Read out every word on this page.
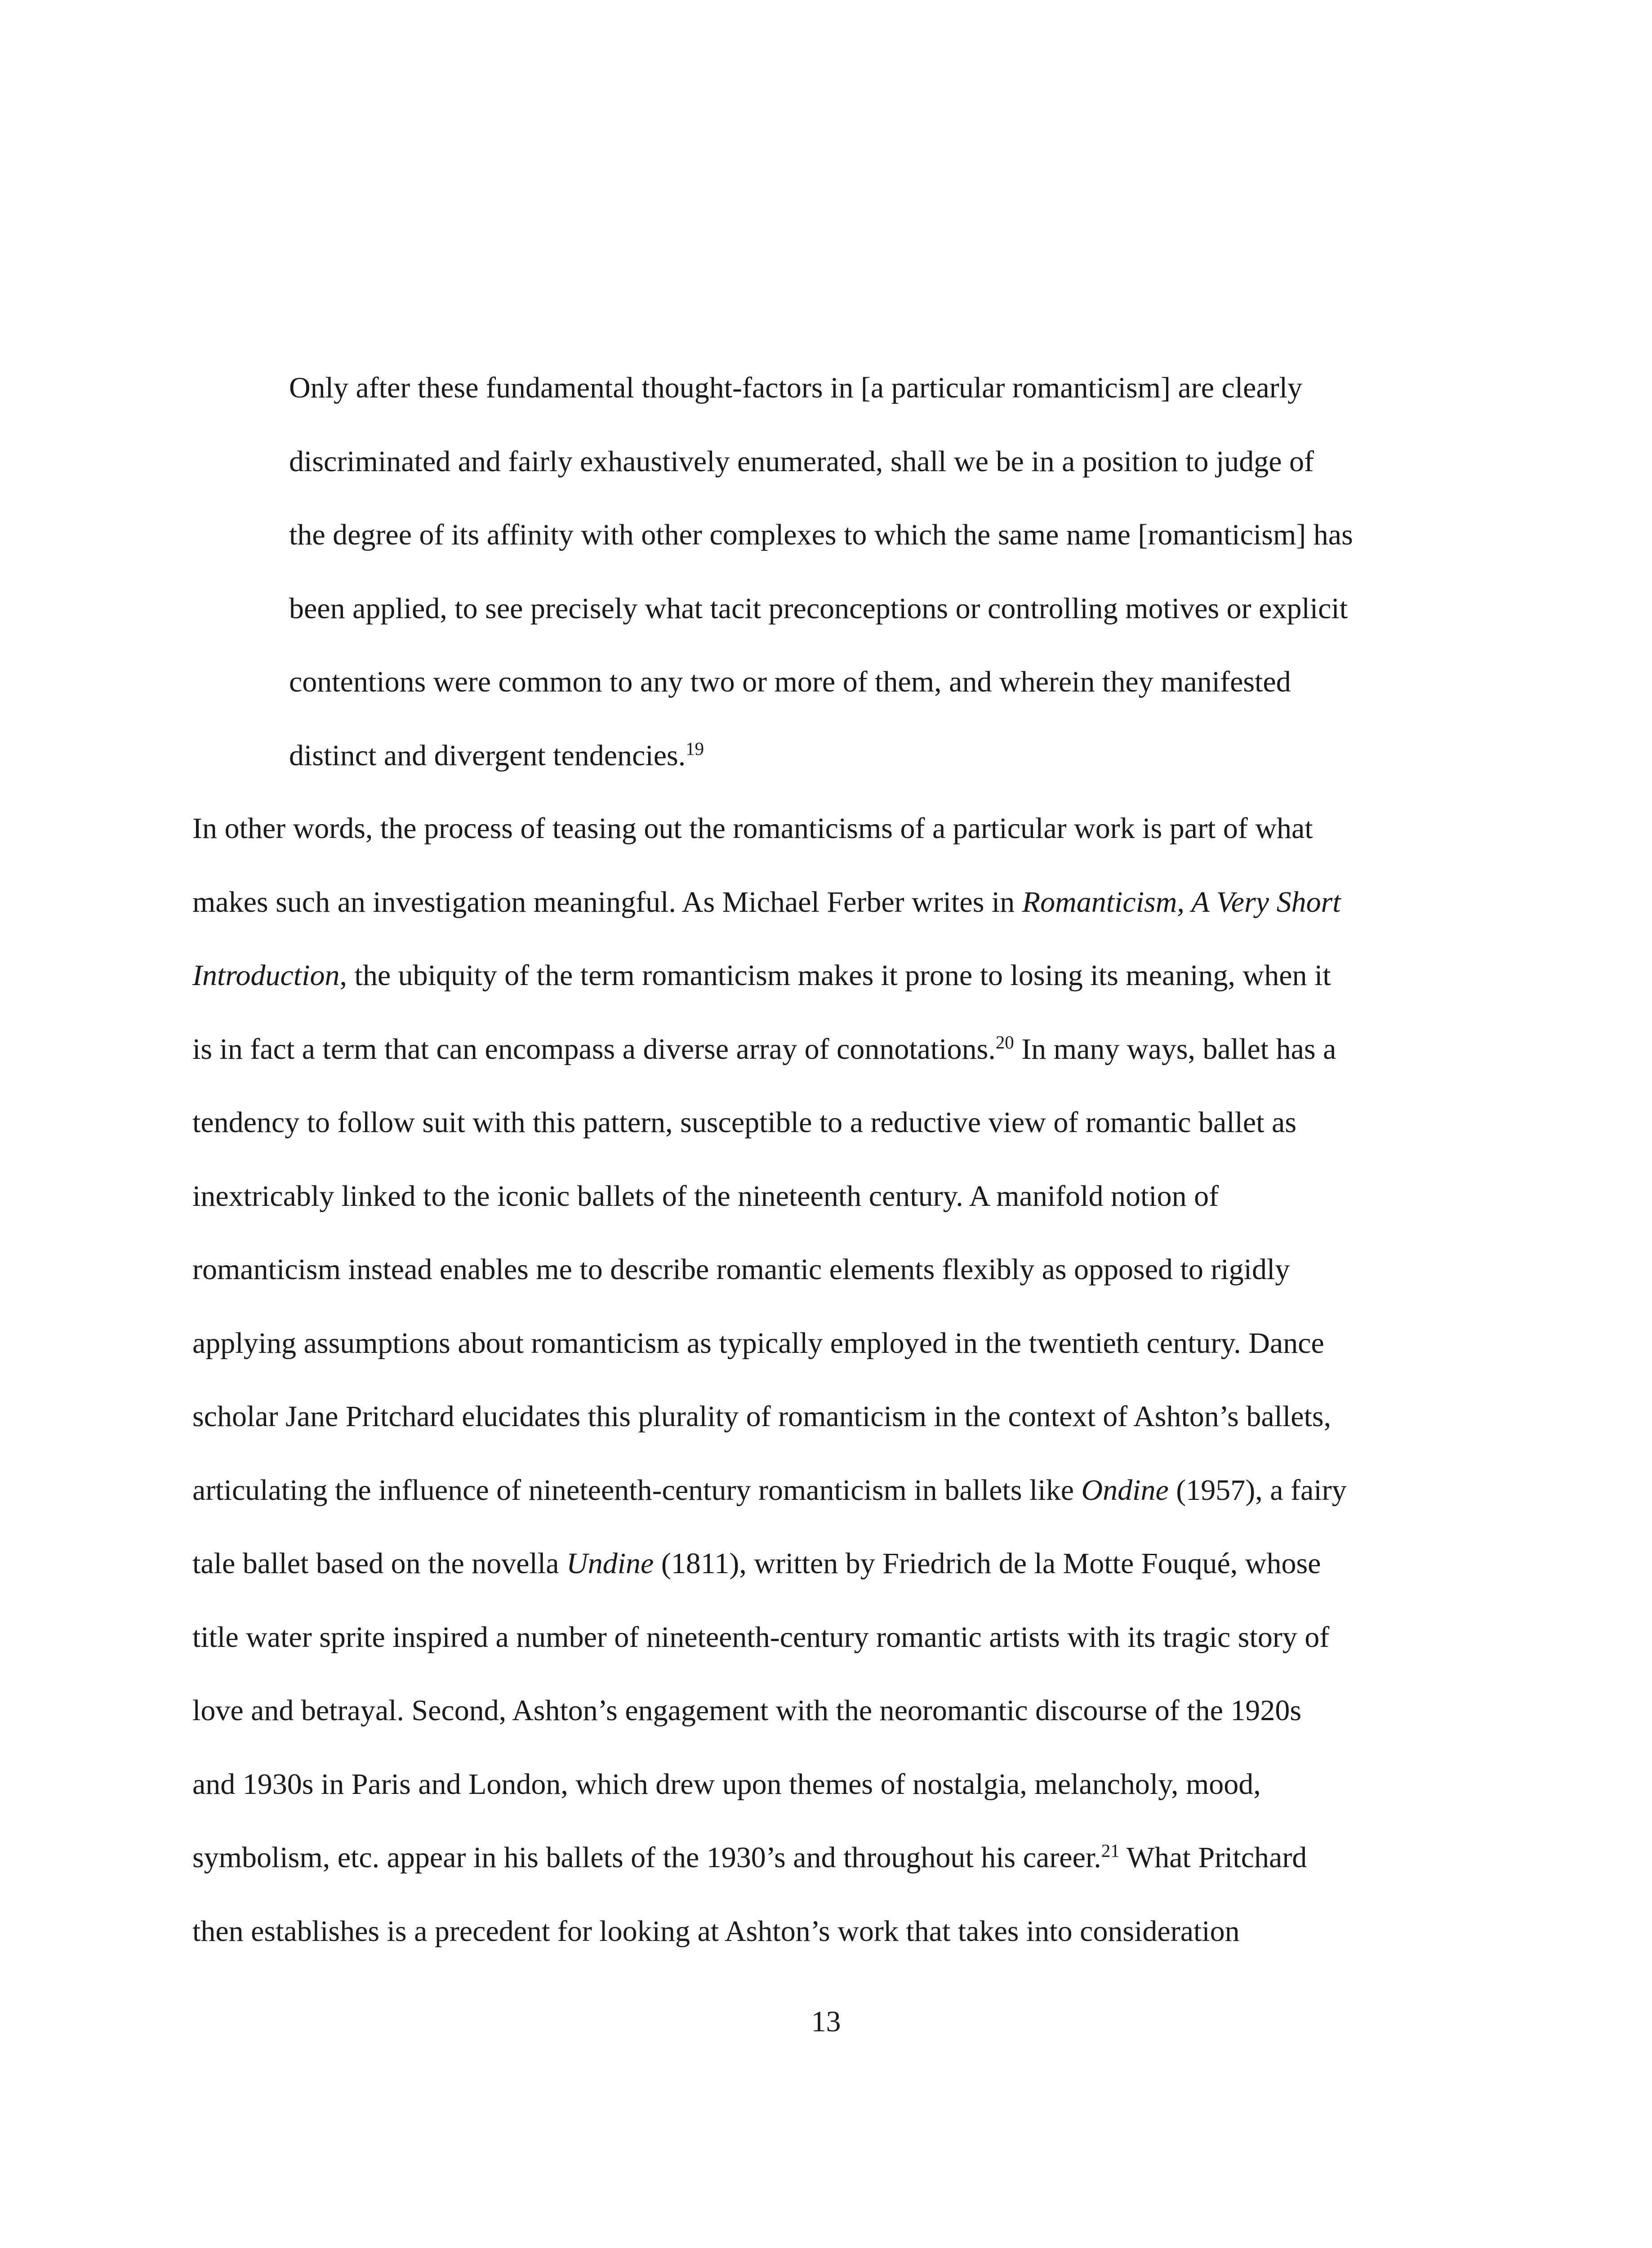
Only after these fundamental thought-factors in [a particular romanticism] are clearly
discriminated and fairly exhaustively enumerated, shall we be in a position to judge of
the degree of its affinity with other complexes to which the same name [romanticism] has
been applied, to see precisely what tacit preconceptions or controlling motives or explicit
contentions were common to any two or more of them, and wherein they manifested
distinct and divergent tendencies.$^{19}$
In other words, the process of teasing out the romanticisms of a particular work is part of what
makes such an investigation meaningful. As Michael Ferber writes in Romanticism, A Very Short
Introduction, the ubiquity of the term romanticism makes it prone to losing its meaning, when it
is in fact a term that can encompass a diverse array of connotations.$^{20}$ In many ways, ballet has a
tendency to follow suit with this pattern, susceptible to a reductive view of romantic ballet as
inextricably linked to the iconic ballets of the nineteenth century. A manifold notion of
romanticism instead enables me to describe romantic elements flexibly as opposed to rigidly
applying assumptions about romanticism as typically employed in the twentieth century. Dance
scholar Jane Pritchard elucidates this plurality of romanticism in the context of Ashton’s ballets,
articulating the influence of nineteenth-century romanticism in ballets like Ondine (1957), a fairy
tale ballet based on the novella Undine (1811), written by Friedrich de la Motte Fouqué, whose
title water sprite inspired a number of nineteenth-century romantic artists with its tragic story of
love and betrayal. Second, Ashton’s engagement with the neoromantic discourse of the 1920s
and 1930s in Paris and London, which drew upon themes of nostalgia, melancholy, mood,
symbolism, etc. appear in his ballets of the 1930’s and throughout his career.$^{21}$ What Pritchard
then establishes is a precedent for looking at Ashton’s work that takes into consideration
13
